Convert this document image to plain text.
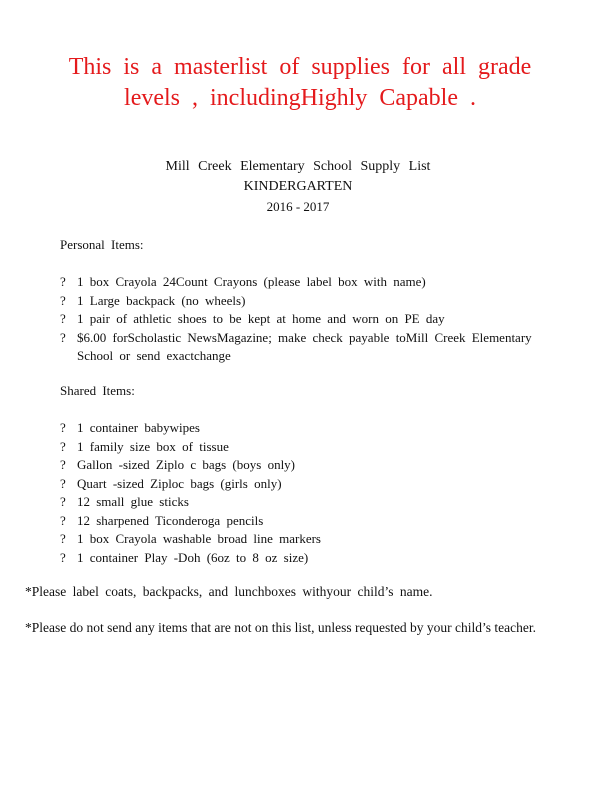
This is a masterlist of supplies for all grade
levels , includingHighly Capable .
Mill Creek Elementary School Supply List
KINDERGARTEN
2016 - 2017
Personal Items:
? 1 box Crayola 24Count Crayons (please label box with name)
? 1 Large backpack (no wheels)
? 1 pair of athletic shoes to be kept at home and worn on PE day
? $6.00 forScholastic NewsMagazine; make check payable toMill Creek Elementary School or send exactchange
Shared Items:
? 1 container babywipes
? 1 family size box of tissue
? Gallon -sized Ziplo c bags (boys only)
? Quart -sized Ziploc bags (girls only)
? 12 small glue sticks
? 12 sharpened Ticonderoga pencils
? 1 box Crayola washable broad line markers
? 1 container Play -Doh (6oz to 8 oz size)
*Please label coats, backpacks, and lunchboxes withyour child’s name.
*Please do not send any items that are not on this list, unless requested by your child’s teacher.
